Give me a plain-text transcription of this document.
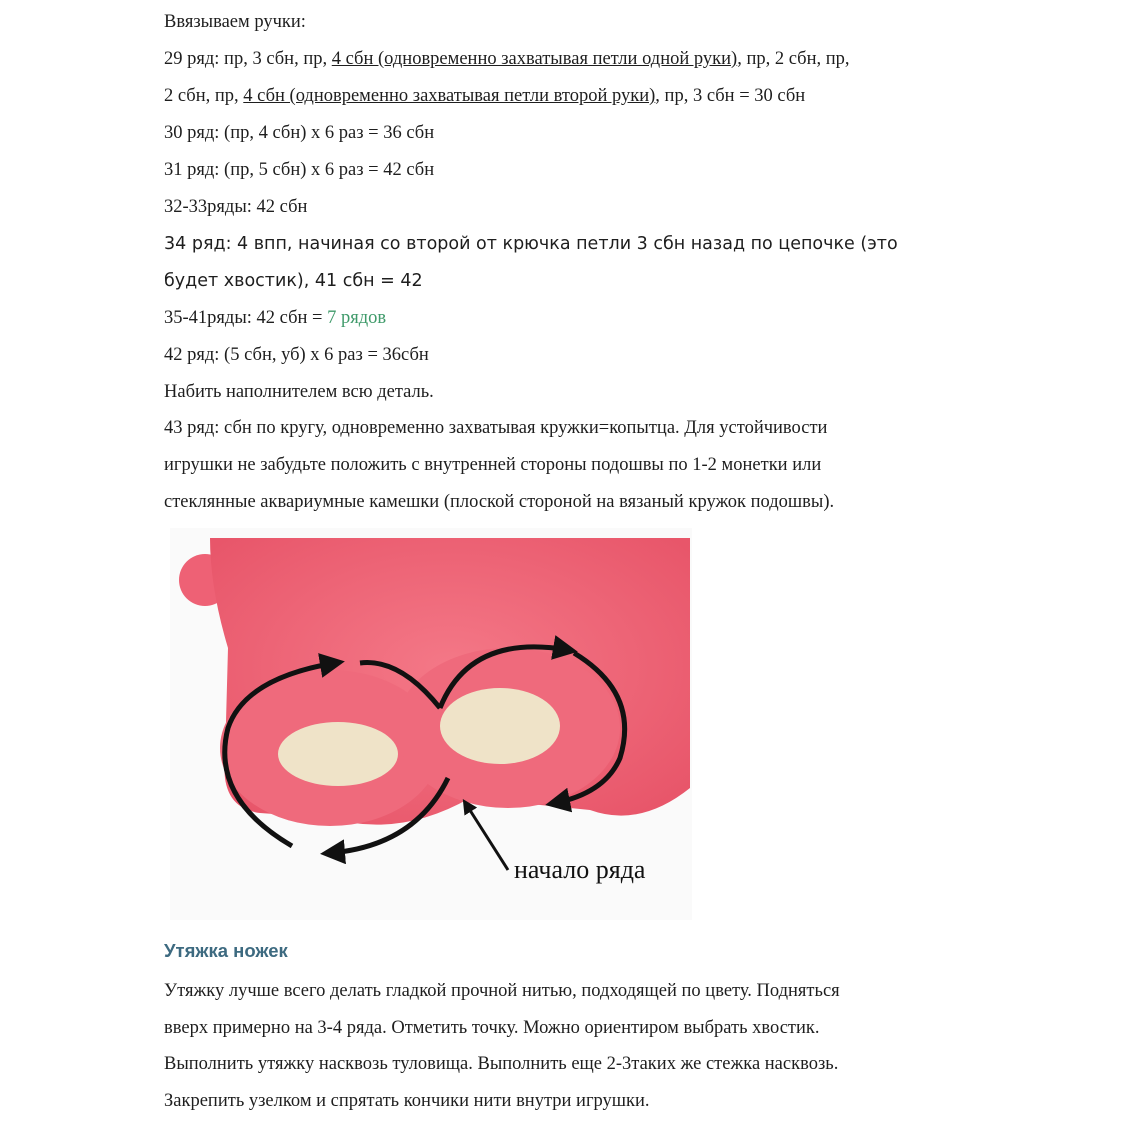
Ввязываем ручки:
29 ряд: пр, 3 сбн, пр, 4 сбн (одновременно захватывая петли одной руки), пр, 2 сбн, пр,
2 сбн, пр, 4 сбн (одновременно захватывая петли второй руки), пр, 3 сбн = 30 сбн
30 ряд: (пр, 4 сбн) х 6 раз = 36 сбн
31 ряд: (пр, 5 сбн) х 6 раз = 42 сбн
32-33ряды: 42 сбн
34 ряд: 4 впп, начиная со второй от крючка петли 3 сбн назад по цепочке (это
будет хвостик), 41 сбн = 42
35-41ряды: 42 сбн = 7 рядов
42 ряд: (5 сбн, уб) х 6 раз = 36сбн
Набить наполнителем всю деталь.
43 ряд: сбн по кругу, одновременно захватывая кружки=копытца. Для устойчивости
игрушки не забудьте положить с внутренней стороны подошвы по 1-2 монетки или
стеклянные аквариумные камешки (плоской стороной на вязаный кружок подошвы).
начало ряда
Утяжка ножек
Утяжку лучше всего делать гладкой прочной нитью, подходящей по цвету. Подняться
вверх примерно на 3-4 ряда. Отметить точку. Можно ориентиром выбрать хвостик.
Выполнить утяжку насквозь туловища. Выполнить еще 2-3таких же стежка насквозь.
Закрепить узелком и спрятать кончики нити внутри игрушки.
